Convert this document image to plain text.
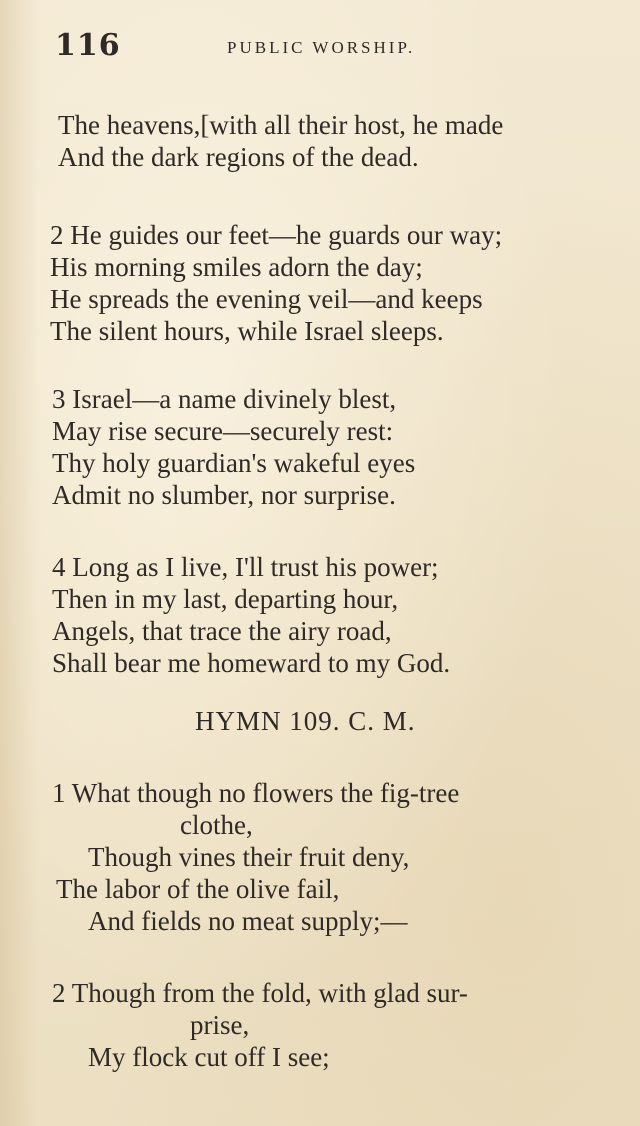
116	PUBLIC WORSHIP.
The heavens,[with all their host, he made
And the dark regions of the dead.
2 He guides our feet—he guards our way;
His morning smiles adorn the day;
He spreads the evening veil—and keeps
The silent hours, while Israel sleeps.
3 Israel—a name divinely blest,
May rise secure—securely rest:
Thy holy guardian's wakeful eyes
Admit no slumber, nor surprise.
4 Long as I live, I'll trust his power;
Then in my last, departing hour,
Angels, that trace the airy road,
Shall bear me homeward to my God.
HYMN 109. C. M.
1 What though no flowers the fig-tree
clothe,
Though vines their fruit deny,
The labor of the olive fail,
And fields no meat supply;—
2 Though from the fold, with glad sur-
prise,
My flock cut off I see;
